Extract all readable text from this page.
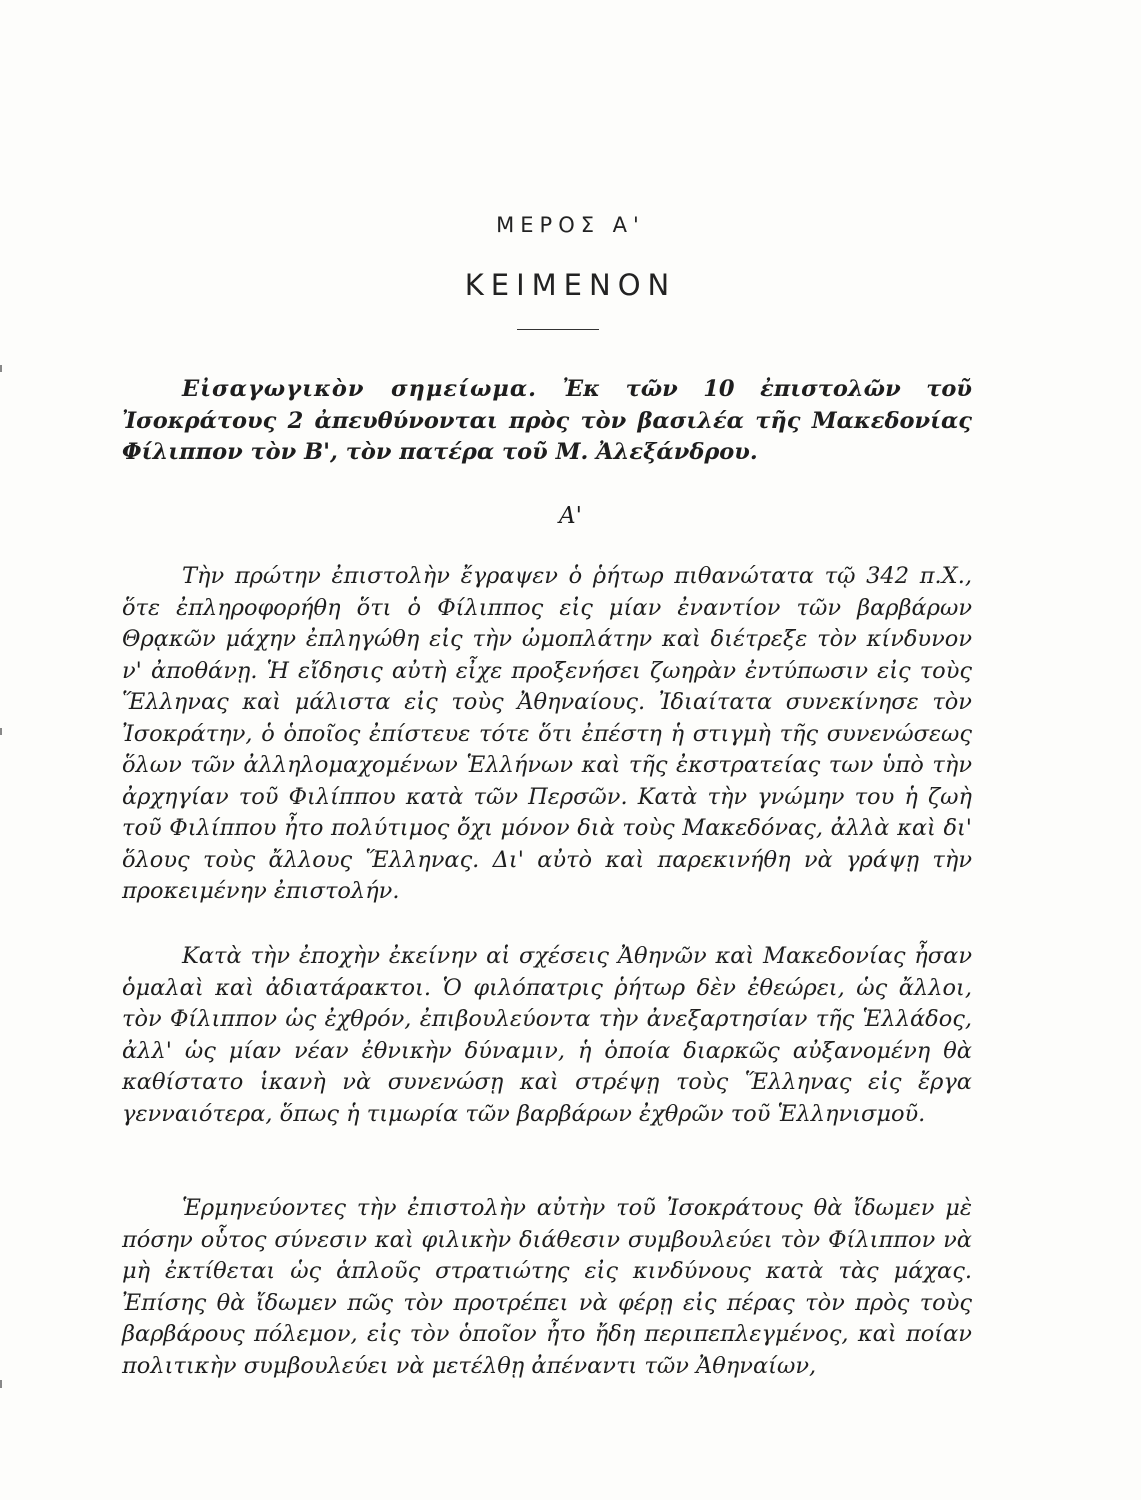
ΜΕΡΟΣ Α'
ΚΕΙΜΕΝΟΝ

Εἰσαγωγικὸν σημείωμα. Ἐκ τῶν 10 ἐπιστολῶν τοῦ Ἰσοκράτους 2 ἀπευθύνονται πρὸς τὸν βασιλέα τῆς Μακεδονίας Φίλιππον τὸν Β', τὸν πατέρα τοῦ Μ. Ἀλεξάνδρου.

Α'

Τὴν πρώτην ἐπιστολὴν ἔγραψεν ὁ ῥήτωρ πιθανώτατα τῷ 342 π.Χ., ὅτε ἐπληροφορήθη ὅτι ὁ Φίλιππος εἰς μίαν ἐναντίον τῶν βαρβάρων Θρᾳκῶν μάχην ἐπληγώθη εἰς τὴν ὠμοπλάτην καὶ διέτρεξε τὸν κίνδυνον ν' ἀποθάνῃ. Ἡ εἴδησις αὐτὴ εἶχε προξενήσει ζωηρὰν ἐντύπωσιν εἰς τοὺς Ἕλληνας καὶ μάλιστα εἰς τοὺς Ἀθηναίους. Ἰδιαίτατα συνεκίνησε τὸν Ἰσοκράτην, ὁ ὁποῖος ἐπίστευε τότε ὅτι ἐπέστη ἡ στιγμὴ τῆς συνενώσεως ὅλων τῶν ἀλληλομαχομένων Ἑλλήνων καὶ τῆς ἐκστρατείας των ὑπὸ τὴν ἀρχηγίαν τοῦ Φιλίππου κατὰ τῶν Περσῶν. Κατὰ τὴν γνώμην του ἡ ζωὴ τοῦ Φιλίππου ἦτο πολύτιμος ὄχι μόνον διὰ τοὺς Μακεδόνας, ἀλλὰ καὶ δι' ὅλους τοὺς ἄλλους Ἕλληνας. Δι' αὐτὸ καὶ παρεκινήθη νὰ γράψῃ τὴν προκειμένην ἐπιστολήν.

Κατὰ τὴν ἐποχὴν ἐκείνην αἱ σχέσεις Ἀθηνῶν καὶ Μακεδονίας ἦσαν ὁμαλαὶ καὶ ἀδιατάρακτοι. Ὁ φιλόπατρις ῥήτωρ δὲν ἐθεώρει, ὡς ἄλλοι, τὸν Φίλιππον ὡς ἐχθρόν, ἐπιβουλεύοντα τὴν ἀνεξαρτησίαν τῆς Ἑλλάδος, ἀλλ' ὡς μίαν νέαν ἐθνικὴν δύναμιν, ἡ ὁποία διαρκῶς αὐξανομένη θὰ καθίστατο ἱκανὴ νὰ συνενώσῃ καὶ στρέψῃ τοὺς Ἕλληνας εἰς ἔργα γενναιότερα, ὅπως ἡ τιμωρία τῶν βαρβάρων ἐχθρῶν τοῦ Ἑλληνισμοῦ.

Ἑρμηνεύοντες τὴν ἐπιστολὴν αὐτὴν τοῦ Ἰσοκράτους θὰ ἴδωμεν μὲ πόσην οὗτος σύνεσιν καὶ φιλικὴν διάθεσιν συμβουλεύει τὸν Φίλιππον νὰ μὴ ἐκτίθεται ὡς ἁπλοῦς στρατιώτης εἰς κινδύνους κατὰ τὰς μάχας. Ἐπίσης θὰ ἴδωμεν πῶς τὸν προτρέπει νὰ φέρῃ εἰς πέρας τὸν πρὸς τοὺς βαρβάρους πόλεμον, εἰς τὸν ὁποῖον ἦτο ἤδη περιπεπλεγμένος, καὶ ποίαν πολιτικὴν συμβουλεύει νὰ μετέλθῃ ἀπέναντι τῶν Ἀθηναίων,
